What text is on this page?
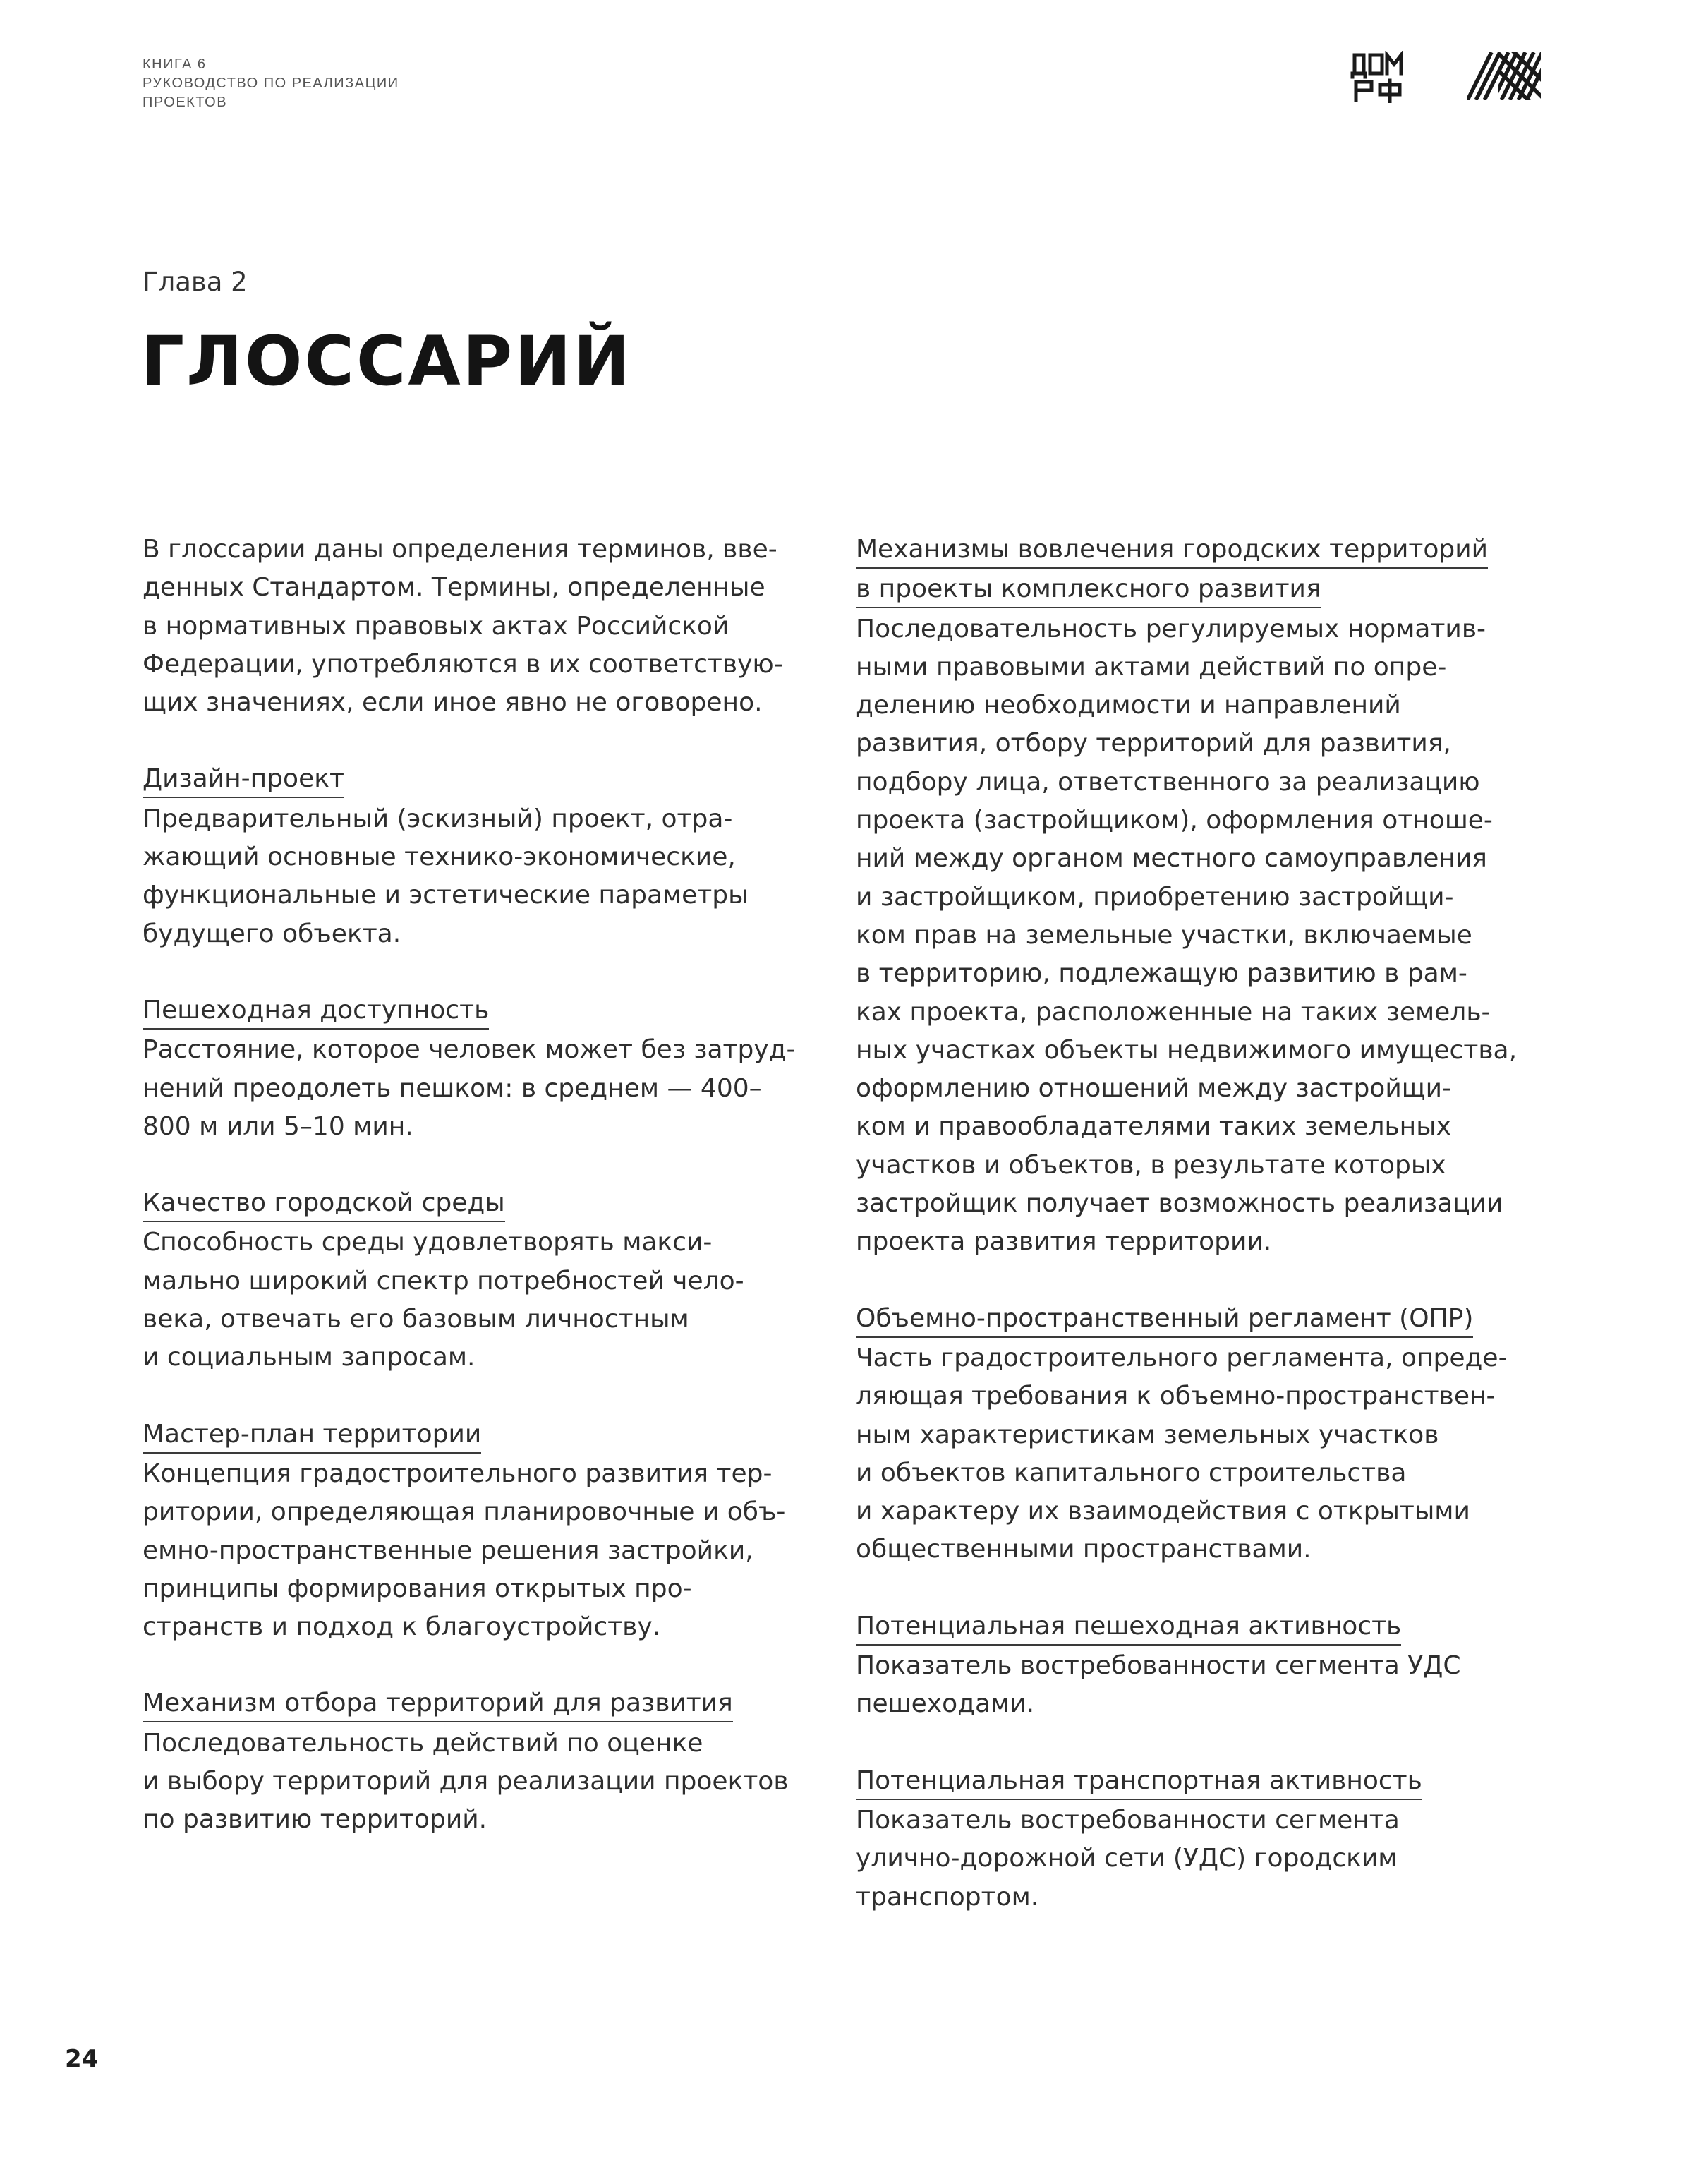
КНИГА 6
РУКОВОДСТВО ПО РЕАЛИЗАЦИИ
ПРОЕКТОВ
Глава 2
ГЛОССАРИЙ
В глоссарии даны определения терминов, вве-
денных Стандартом. Термины, определенные
в нормативных правовых актах Российской
Федерации, употребляются в их соответствую-
щих значениях, если иное явно не оговорено.
Дизайн-проект
Предварительный (эскизный) проект, отра-
жающий основные технико-экономические,
функциональные и эстетические параметры
будущего объекта.
Пешеходная доступность
Расстояние, которое человек может без затруд-
нений преодолеть пешком: в среднем — 400–
800 м или 5–10 мин.
Качество городской среды
Способность среды удовлетворять макси-
мально широкий спектр потребностей чело-
века, отвечать его базовым личностным
и социальным запросам.
Мастер-план территории
Концепция градостроительного развития тер-
ритории, определяющая планировочные и объ-
емно-пространственные решения застройки,
принципы формирования открытых про-
странств и подход к благоустройству.
Механизм отбора территорий для развития
Последовательность действий по оценке
и выбору территорий для реализации проектов
по развитию территорий.
Механизмы вовлечения городских территорий
в проекты комплексного развития
Последовательность регулируемых норматив-
ными правовыми актами действий по опре-
делению необходимости и направлений
развития, отбору территорий для развития,
подбору лица, ответственного за реализацию
проекта (застройщиком), оформления отноше-
ний между органом местного самоуправления
и застройщиком, приобретению застройщи-
ком прав на земельные участки, включаемые
в территорию, подлежащую развитию в рам-
ках проекта, расположенные на таких земель-
ных участках объекты недвижимого имущества,
оформлению отношений между застройщи-
ком и правообладателями таких земельных
участков и объектов, в результате которых
застройщик получает возможность реализации
проекта развития территории.
Объемно-пространственный регламент (ОПР)
Часть градостроительного регламента, опреде-
ляющая требования к объемно-пространствен-
ным характеристикам земельных участков
и объектов капитального строительства
и характеру их взаимодействия с открытыми
общественными пространствами.
Потенциальная пешеходная активность
Показатель востребованности сегмента УДС
пешеходами.
Потенциальная транспортная активность
Показатель востребованности сегмента
улично-дорожной сети (УДС) городским
транспортом.
24
